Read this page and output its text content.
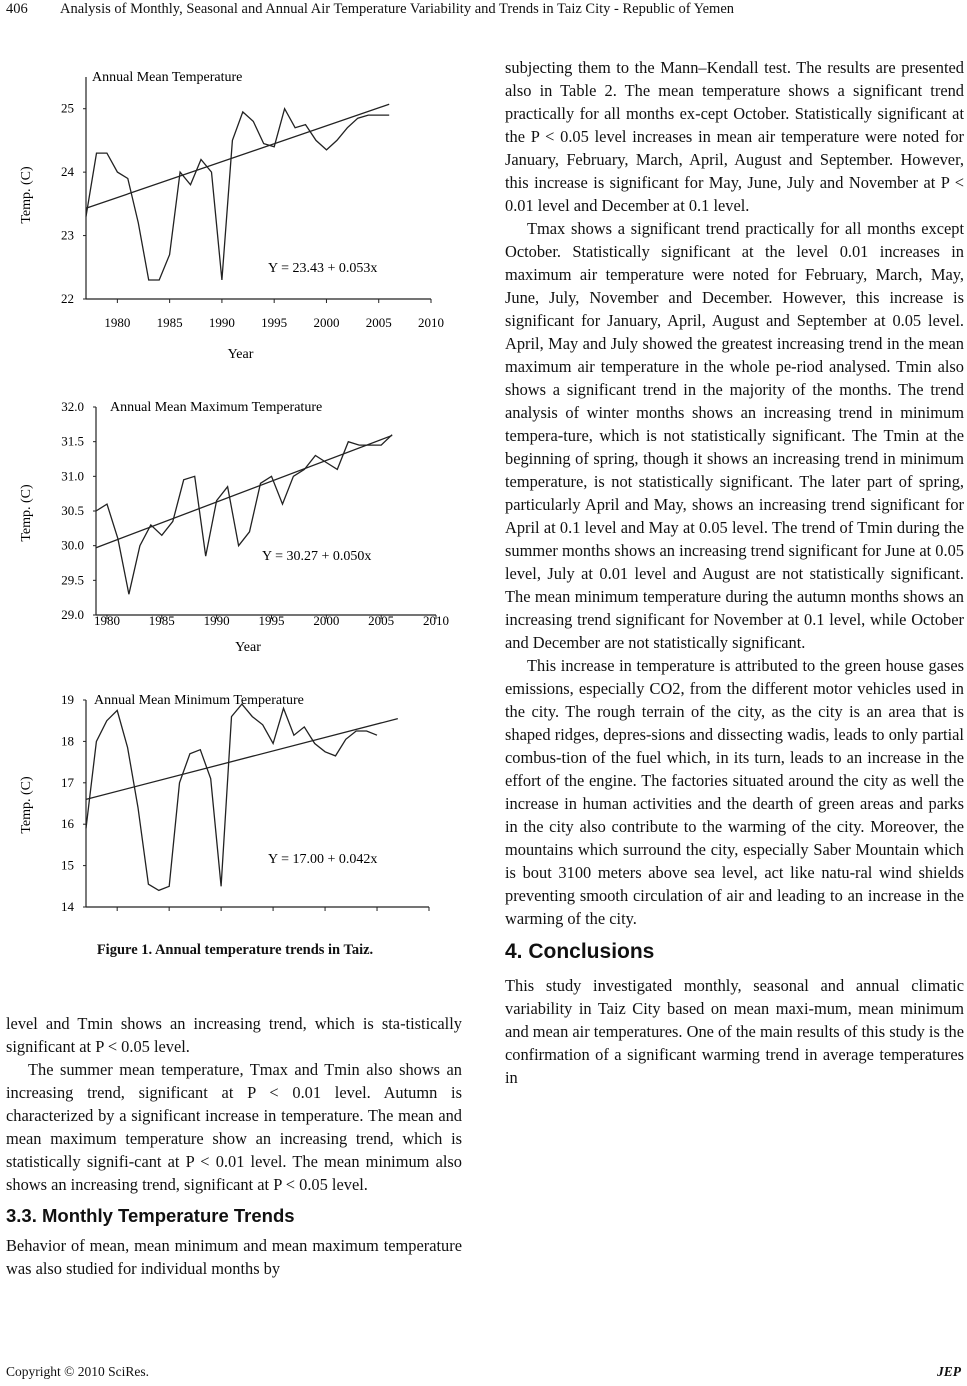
406 Analysis of Monthly, Seasonal and Annual Air Temperature Variability and Trends in Taiz City - Republic of Yemen
Annual Mean Temperature
22
23
24
25
1980 1985 1990 1995 2000 2005 2010
Year
Temp. (C)
Y = 23.43 + 0.053x
Annual Mean Maximum Temperature
29.0
29.5
30.0
30.5
31.0
31.5
32.0
1980 1985 1990 1995 2000 2005 2010
Year
Temp. (C)
Y = 30.27 + 0.050x
Annual Mean Minimum Temperature
14
15
16
17
18
19
Temp. (C)
Y = 17.00 + 0.042x
Figure 1. Annual temperature trends in Taiz.

level and Tmin shows an increasing trend, which is sta-tistically significant at P < 0.05 level.

The summer mean temperature, Tmax and Tmin also shows an increasing trend, significant at P < 0.01 level. Autumn is characterized by a significant increase in temperature. The mean and mean maximum temperature show an increasing trend, which is statistically signifi-cant at P < 0.01 level. The mean minimum also shows an increasing trend, significant at P < 0.05 level.

3.3. Monthly Temperature Trends

Behavior of mean, mean minimum and mean maximum temperature was also studied for individual months by

subjecting them to the Mann–Kendall test. The results are presented also in Table 2. The mean temperature shows a significant trend practically for all months ex-cept October. Statistically significant at the P < 0.05 level increases in mean air temperature were noted for January, February, March, April, August and September. However, this increase is significant for May, June, July and November at P < 0.01 level and December at 0.1 level.

Tmax shows a significant trend practically for all months except October. Statistically significant at the level 0.01 increases in maximum air temperature were noted for February, March, May, June, July, November and December. However, this increase is significant for January, April, August and September at 0.05 level. April, May and July showed the greatest increasing trend in the mean maximum air temperature in the whole pe-riod analysed. Tmin also shows a significant trend in the majority of the months. The trend analysis of winter months shows an increasing trend in minimum tempera-ture, which is not statistically significant. The Tmin at the beginning of spring, though it shows an increasing trend in minimum temperature, is not statistically significant. The later part of spring, particularly April and May, shows an increasing trend significant for April at 0.1 level and May at 0.05 level. The trend of Tmin during the summer months shows an increasing trend significant for June at 0.05 level, July at 0.01 level and August are not statistically significant. The mean minimum temperature during the autumn months shows an increasing trend significant for November at 0.1 level, while October and December are not statistically significant.

This increase in temperature is attributed to the green house gases emissions, especially CO2, from the different motor vehicles used in the city. The rough terrain of the city, as the city is an area that is shaped ridges, depres-sions and dissecting wadis, leads to only partial combus-tion of the fuel which, in its turn, leads to an increase in the effort of the engine. The factories situated around the city as well the increase in human activities and the dearth of green areas and parks in the city also contribute to the warming of the city. Moreover, the mountains which surround the city, especially Saber Mountain which is bout 3100 meters above sea level, act like natu-ral wind shields preventing smooth circulation of air and leading to an increase in the warming of the city.

4. Conclusions

This study investigated monthly, seasonal and annual climatic variability in Taiz City based on mean maxi-mum, mean minimum and mean air temperatures. One of the main results of this study is the confirmation of a significant warming trend in average temperatures in

Copyright © 2010 SciRes.	JEP
